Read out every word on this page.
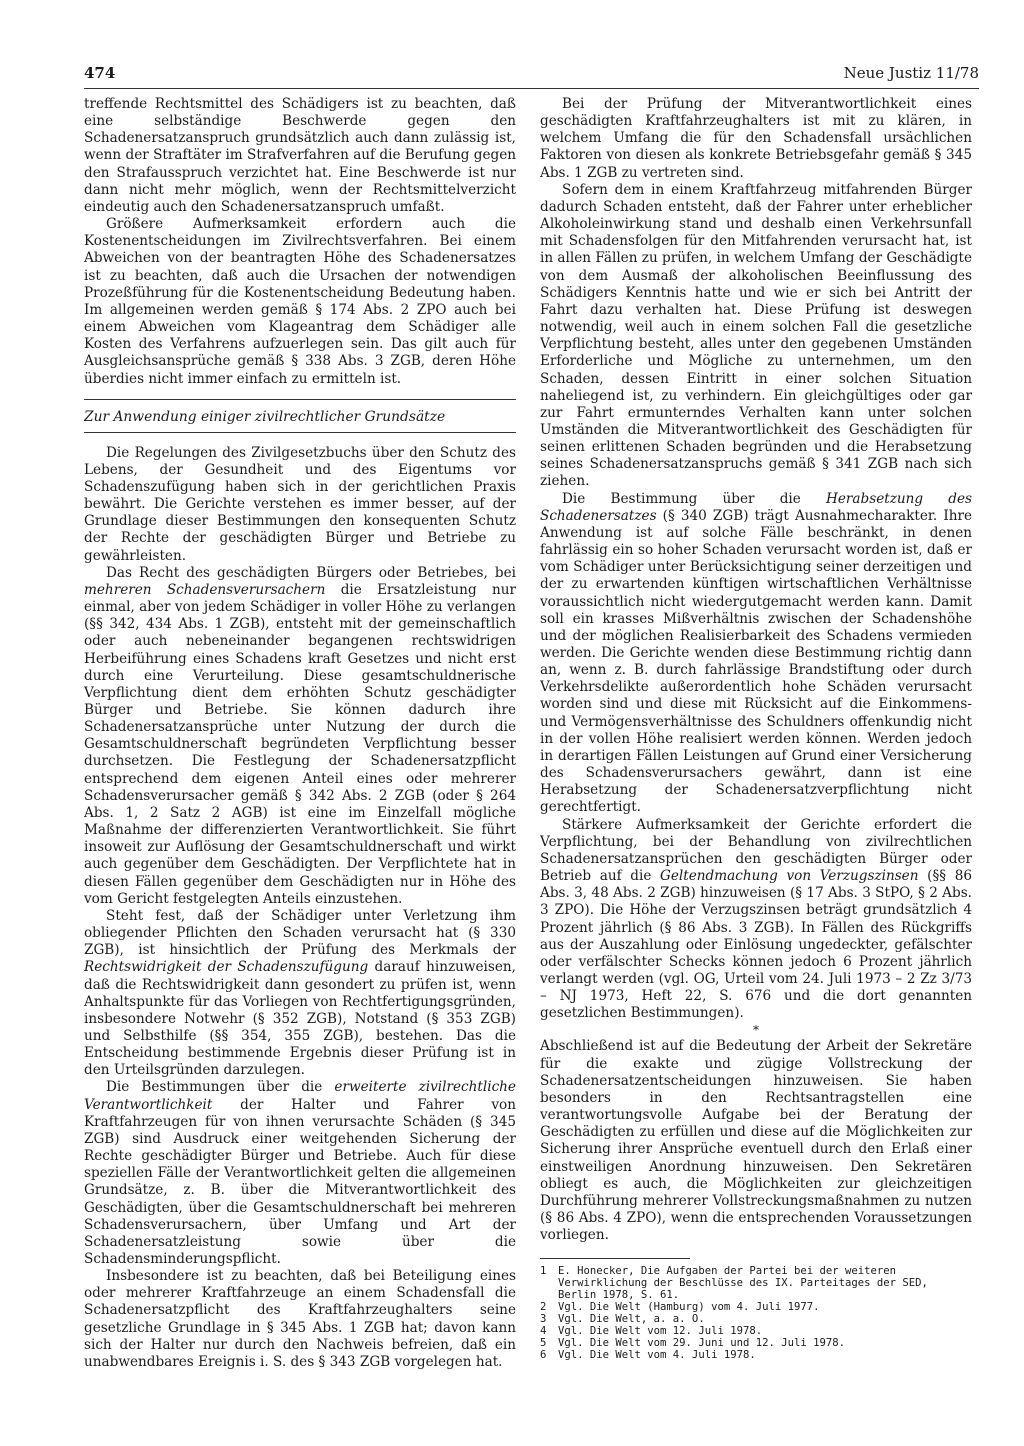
474	Neue Justiz 11/78

treffende Rechtsmittel des Schädigers ist zu beachten, daß eine selbständige Beschwerde gegen den Schadenersatzanspruch grundsätzlich auch dann zulässig ist, wenn der Straftäter im Strafverfahren auf die Berufung gegen den Strafausspruch verzichtet hat. Eine Beschwerde ist nur dann nicht mehr möglich, wenn der Rechtsmittelverzicht eindeutig auch den Schadenersatzanspruch umfaßt.

Größere Aufmerksamkeit erfordern auch die Kostenentscheidungen im Zivilrechtsverfahren. Bei einem Abweichen von der beantragten Höhe des Schadenersatzes ist zu beachten, daß auch die Ursachen der notwendigen Prozeßführung für die Kostenentscheidung Bedeutung haben. Im allgemeinen werden gemäß § 174 Abs. 2 ZPO auch bei einem Abweichen vom Klageantrag dem Schädiger alle Kosten des Verfahrens aufzuerlegen sein. Das gilt auch für Ausgleichsansprüche gemäß § 338 Abs. 3 ZGB, deren Höhe überdies nicht immer einfach zu ermitteln ist.

Zur Anwendung einiger zivilrechtlicher Grundsätze

Die Regelungen des Zivilgesetzbuchs über den Schutz des Lebens, der Gesundheit und des Eigentums vor Schadenszufügung haben sich in der gerichtlichen Praxis bewährt. Die Gerichte verstehen es immer besser, auf der Grundlage dieser Bestimmungen den konsequenten Schutz der Rechte der geschädigten Bürger und Betriebe zu gewährleisten.

Das Recht des geschädigten Bürgers oder Betriebes, bei mehreren Schadensverursachern die Ersatzleistung nur einmal, aber von jedem Schädiger in voller Höhe zu verlangen (§§ 342, 434 Abs. 1 ZGB), entsteht mit der gemeinschaftlich oder auch nebeneinander begangenen rechtswidrigen Herbeiführung eines Schadens kraft Gesetzes und nicht erst durch eine Verurteilung. Diese gesamtschuldnerische Verpflichtung dient dem erhöhten Schutz geschädigter Bürger und Betriebe. Sie können dadurch ihre Schadenersatzansprüche unter Nutzung der durch die Gesamtschuldnerschaft begründeten Verpflichtung besser durchsetzen. Die Festlegung der Schadenersatzpflicht entsprechend dem eigenen Anteil eines oder mehrerer Schadensverursacher gemäß § 342 Abs. 2 ZGB (oder § 264 Abs. 1, 2 Satz 2 AGB) ist eine im Einzelfall mögliche Maßnahme der differenzierten Verantwortlichkeit. Sie führt insoweit zur Auflösung der Gesamtschuldnerschaft und wirkt auch gegenüber dem Geschädigten. Der Verpflichtete hat in diesen Fällen gegenüber dem Geschädigten nur in Höhe des vom Gericht festgelegten Anteils einzustehen.

Steht fest, daß der Schädiger unter Verletzung ihm obliegender Pflichten den Schaden verursacht hat (§ 330 ZGB), ist hinsichtlich der Prüfung des Merkmals der Rechtswidrigkeit der Schadenszufügung darauf hinzuweisen, daß die Rechtswidrigkeit dann gesondert zu prüfen ist, wenn Anhaltspunkte für das Vorliegen von Rechtfertigungsgründen, insbesondere Notwehr (§ 352 ZGB), Notstand (§ 353 ZGB) und Selbsthilfe (§§ 354, 355 ZGB), bestehen. Das die Entscheidung bestimmende Ergebnis dieser Prüfung ist in den Urteilsgründen darzulegen.

Die Bestimmungen über die erweiterte zivilrechtliche Verantwortlichkeit der Halter und Fahrer von Kraftfahrzeugen für von ihnen verursachte Schäden (§ 345 ZGB) sind Ausdruck einer weitgehenden Sicherung der Rechte geschädigter Bürger und Betriebe. Auch für diese speziellen Fälle der Verantwortlichkeit gelten die allgemeinen Grundsätze, z. B. über die Mitverantwortlichkeit des Geschädigten, über die Gesamtschuldnerschaft bei mehreren Schadensverursachern, über Umfang und Art der Schadenersatzleistung sowie über die Schadensminderungspflicht.

Insbesondere ist zu beachten, daß bei Beteiligung eines oder mehrerer Kraftfahrzeuge an einem Schadensfall die Schadenersatzpflicht des Kraftfahrzeughalters seine gesetzliche Grundlage in § 345 Abs. 1 ZGB hat; davon kann sich der Halter nur durch den Nachweis befreien, daß ein unabwendbares Ereignis i. S. des § 343 ZGB vorgelegen hat.

Bei der Prüfung der Mitverantwortlichkeit eines geschädigten Kraftfahrzeughalters ist mit zu klären, in welchem Umfang die für den Schadensfall ursächlichen Faktoren von diesen als konkrete Betriebsgefahr gemäß § 345 Abs. 1 ZGB zu vertreten sind.

Sofern dem in einem Kraftfahrzeug mitfahrenden Bürger dadurch Schaden entsteht, daß der Fahrer unter erheblicher Alkoholeinwirkung stand und deshalb einen Verkehrsunfall mit Schadensfolgen für den Mitfahrenden verursacht hat, ist in allen Fällen zu prüfen, in welchem Umfang der Geschädigte von dem Ausmaß der alkoholischen Beeinflussung des Schädigers Kenntnis hatte und wie er sich bei Antritt der Fahrt dazu verhalten hat. Diese Prüfung ist deswegen notwendig, weil auch in einem solchen Fall die gesetzliche Verpflichtung besteht, alles unter den gegebenen Umständen Erforderliche und Mögliche zu unternehmen, um den Schaden, dessen Eintritt in einer solchen Situation naheliegend ist, zu verhindern. Ein gleichgültiges oder gar zur Fahrt ermunterndes Verhalten kann unter solchen Umständen die Mitverantwortlichkeit des Geschädigten für seinen erlittenen Schaden begründen und die Herabsetzung seines Schadenersatzanspruchs gemäß § 341 ZGB nach sich ziehen.

Die Bestimmung über die Herabsetzung des Schadenersatzes (§ 340 ZGB) trägt Ausnahmecharakter. Ihre Anwendung ist auf solche Fälle beschränkt, in denen fahrlässig ein so hoher Schaden verursacht worden ist, daß er vom Schädiger unter Berücksichtigung seiner derzeitigen und der zu erwartenden künftigen wirtschaftlichen Verhältnisse voraussichtlich nicht wiedergutgemacht werden kann. Damit soll ein krasses Mißverhältnis zwischen der Schadenshöhe und der möglichen Realisierbarkeit des Schadens vermieden werden. Die Gerichte wenden diese Bestimmung richtig dann an, wenn z. B. durch fahrlässige Brandstiftung oder durch Verkehrsdelikte außerordentlich hohe Schäden verursacht worden sind und diese mit Rücksicht auf die Einkommens- und Vermögensverhältnisse des Schuldners offenkundig nicht in der vollen Höhe realisiert werden können. Werden jedoch in derartigen Fällen Leistungen auf Grund einer Versicherung des Schadensverursachers gewährt, dann ist eine Herabsetzung der Schadenersatzverpflichtung nicht gerechtfertigt.

Stärkere Aufmerksamkeit der Gerichte erfordert die Verpflichtung, bei der Behandlung von zivilrechtlichen Schadenersatzansprüchen den geschädigten Bürger oder Betrieb auf die Geltendmachung von Verzugszinsen (§§ 86 Abs. 3, 48 Abs. 2 ZGB) hinzuweisen (§ 17 Abs. 3 StPO, § 2 Abs. 3 ZPO). Die Höhe der Verzugszinsen beträgt grundsätzlich 4 Prozent jährlich (§ 86 Abs. 3 ZGB). In Fällen des Rückgriffs aus der Auszahlung oder Einlösung ungedeckter, gefälschter oder verfälschter Schecks können jedoch 6 Prozent jährlich verlangt werden (vgl. OG, Urteil vom 24. Juli 1973 – 2 Zz 3/73 – NJ 1973, Heft 22, S. 676 und die dort genannten gesetzlichen Bestimmungen).

*

Abschließend ist auf die Bedeutung der Arbeit der Sekretäre für die exakte und zügige Vollstreckung der Schadenersatzentscheidungen hinzuweisen. Sie haben besonders in den Rechtsantragstellen eine verantwortungsvolle Aufgabe bei der Beratung der Geschädigten zu erfüllen und diese auf die Möglichkeiten zur Sicherung ihrer Ansprüche eventuell durch den Erlaß einer einstweiligen Anordnung hinzuweisen. Den Sekretären obliegt es auch, die Möglichkeiten zur gleichzeitigen Durchführung mehrerer Vollstreckungsmaßnahmen zu nutzen (§ 86 Abs. 4 ZPO), wenn die entsprechenden Voraussetzungen vorliegen.

1	E. Honecker, Die Aufgaben der Partei bei der weiteren Verwirklichung der Beschlüsse des IX. Parteitages der SED, Berlin 1978, S. 61.
2	Vgl. Die Welt (Hamburg) vom 4. Juli 1977.
3	Vgl. Die Welt, a. a. O.
4	Vgl. Die Welt vom 12. Juli 1978.
5	Vgl. Die Welt vom 29. Juni und 12. Juli 1978.
6	Vgl. Die Welt vom 4. Juli 1978.
